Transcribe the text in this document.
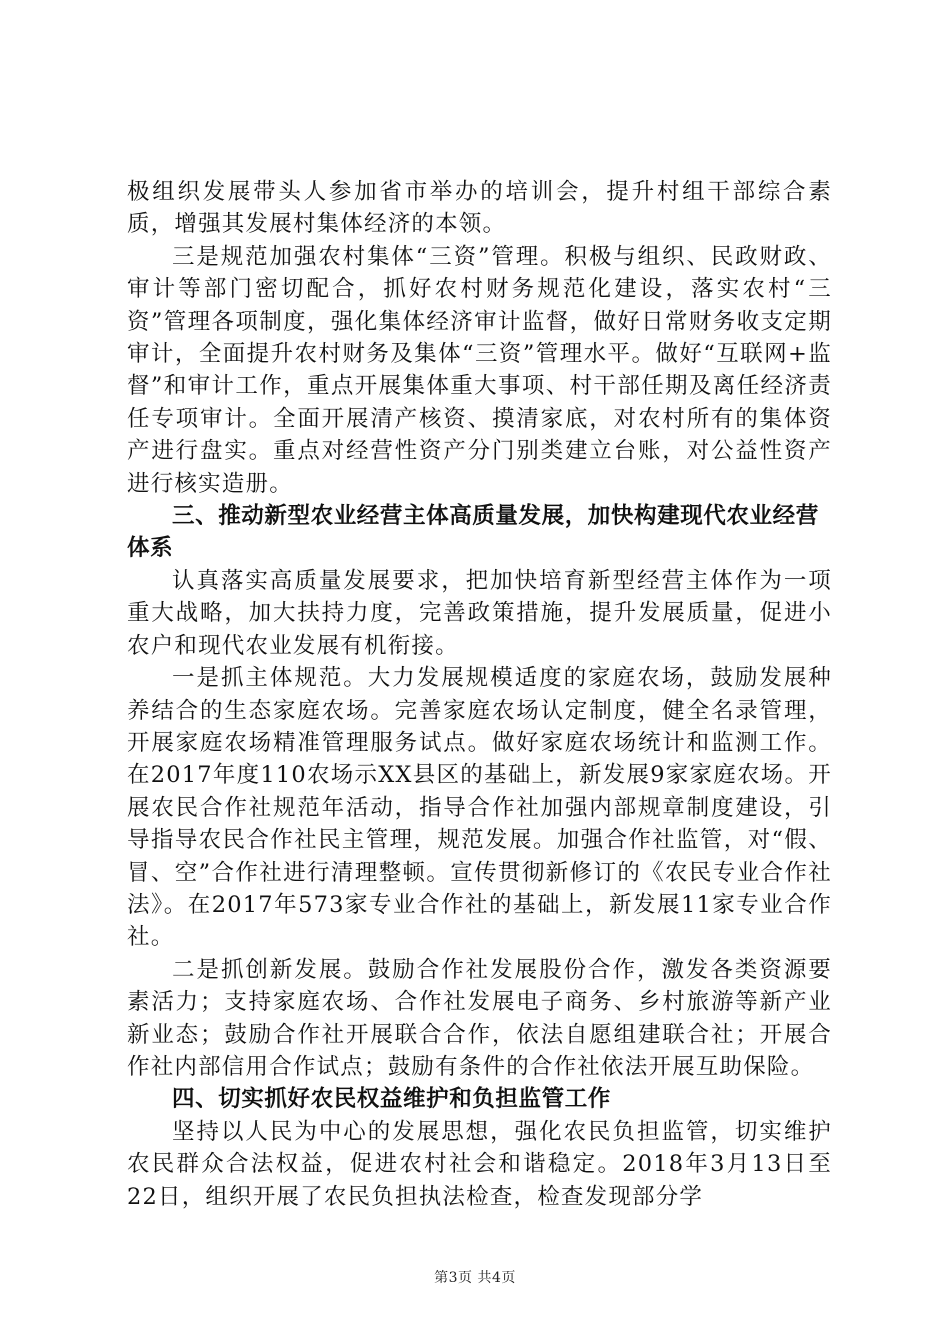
极组织发展带头人参加省市举办的培训会，提升村组干部综合素质，增强其发展村集体经济的本领。

三是规范加强农村集体“三资”管理。积极与组织、民政财政、审计等部门密切配合，抓好农村财务规范化建设，落实农村“三资”管理各项制度，强化集体经济审计监督，做好日常财务收支定期审计，全面提升农村财务及集体“三资”管理水平。做好“互联网+监督”和审计工作，重点开展集体重大事项、村干部任期及离任经济责任专项审计。全面开展清产核资、摸清家底，对农村所有的集体资产进行盘实。重点对经营性资产分门别类建立台账，对公益性资产进行核实造册。

三、推动新型农业经营主体高质量发展，加快构建现代农业经营体系

认真落实高质量发展要求，把加快培育新型经营主体作为一项重大战略，加大扶持力度，完善政策措施，提升发展质量，促进小农户和现代农业发展有机衔接。

一是抓主体规范。大力发展规模适度的家庭农场，鼓励发展种养结合的生态家庭农场。完善家庭农场认定制度，健全名录管理，开展家庭农场精准管理服务试点。做好家庭农场统计和监测工作。在2017年度110农场示XX县区的基础上，新发展9家家庭农场。开展农民合作社规范年活动，指导合作社加强内部规章制度建设，引导指导农民合作社民主管理，规范发展。加强合作社监管，对“假、冒、空”合作社进行清理整顿。宣传贯彻新修订的《农民专业合作社法》。在2017年573家专业合作社的基础上，新发展11家专业合作社。

二是抓创新发展。鼓励合作社发展股份合作，激发各类资源要素活力；支持家庭农场、合作社发展电子商务、乡村旅游等新产业新业态；鼓励合作社开展联合合作，依法自愿组建联合社；开展合作社内部信用合作试点；鼓励有条件的合作社依法开展互助保险。

四、切实抓好农民权益维护和负担监管工作

坚持以人民为中心的发展思想，强化农民负担监管，切实维护农民群众合法权益，促进农村社会和谐稳定。2018年3月13日至22日，组织开展了农民负担执法检查，检查发现部分学

第3页 共4页
